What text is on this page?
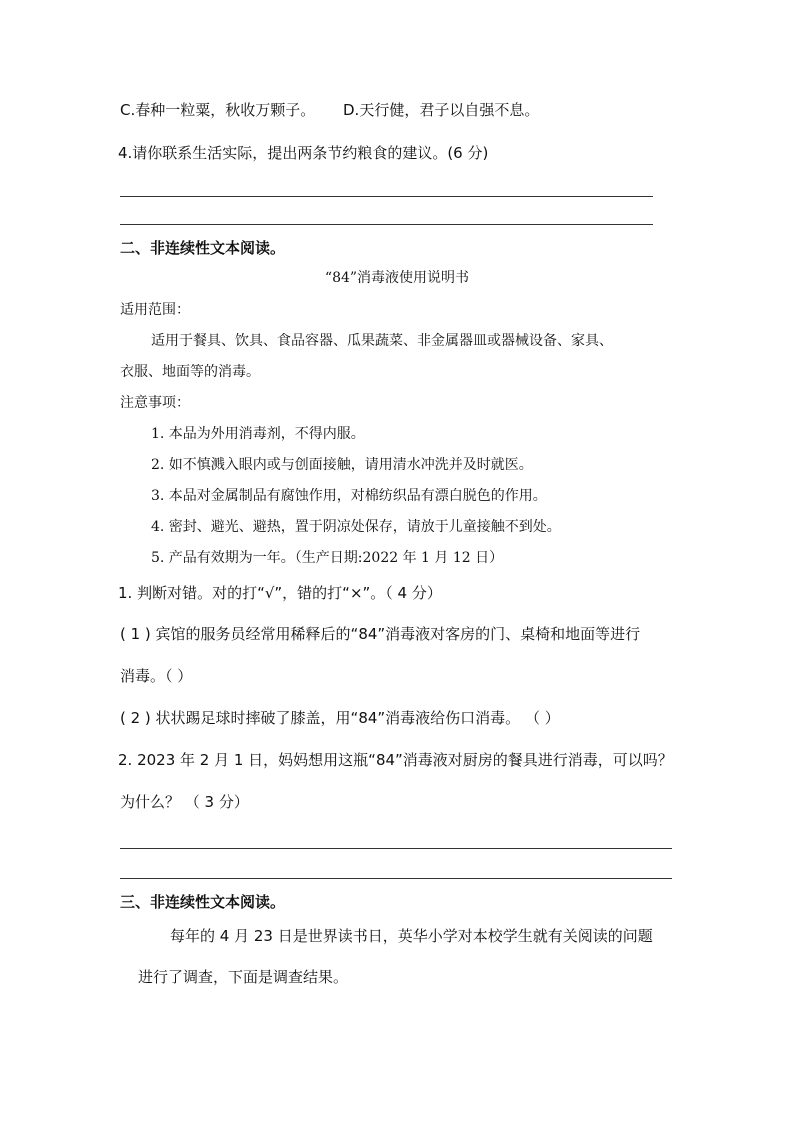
C.春种一粒粟，秋收万颗子。 D.天行健，君子以自强不息。
4.请你联系生活实际，提出两条节约粮食的建议。(6 分)
二、非连续性文本阅读。
“84”消毒液使用说明书
适用范围：
适用于餐具、饮具、食品容器、瓜果蔬菜、非金属器皿或器械设备、家具、
衣服、地面等的消毒。
注意事项：
1. 本品为外用消毒剂，不得内服。
2. 如不慎溅入眼内或与创面接触，请用清水冲洗并及时就医。
3. 本品对金属制品有腐蚀作用，对棉纺织品有漂白脱色的作用。
4. 密封、避光、避热，置于阴凉处保存，请放于儿童接触不到处。
5. 产品有效期为一年。（生产日期:2022 年 1 月 12 日）
1. 判断对错。对的打“√”，错的打“×”。（ 4 分）
( 1 ) 宾馆的服务员经常用稀释后的“84”消毒液对客房的门、桌椅和地面等进行
消毒。（ ）
( 2 ) 状状踢足球时摔破了膝盖，用“84”消毒液给伤口消毒。 （ ）
2. 2023 年 2 月 1 日，妈妈想用这瓶“84”消毒液对厨房的餐具进行消毒，可以吗？
为什么？ （ 3 分）
三、非连续性文本阅读。
每年的 4 月 23 日是世界读书日，英华小学对本校学生就有关阅读的问题
进行了调查，下面是调查结果。
